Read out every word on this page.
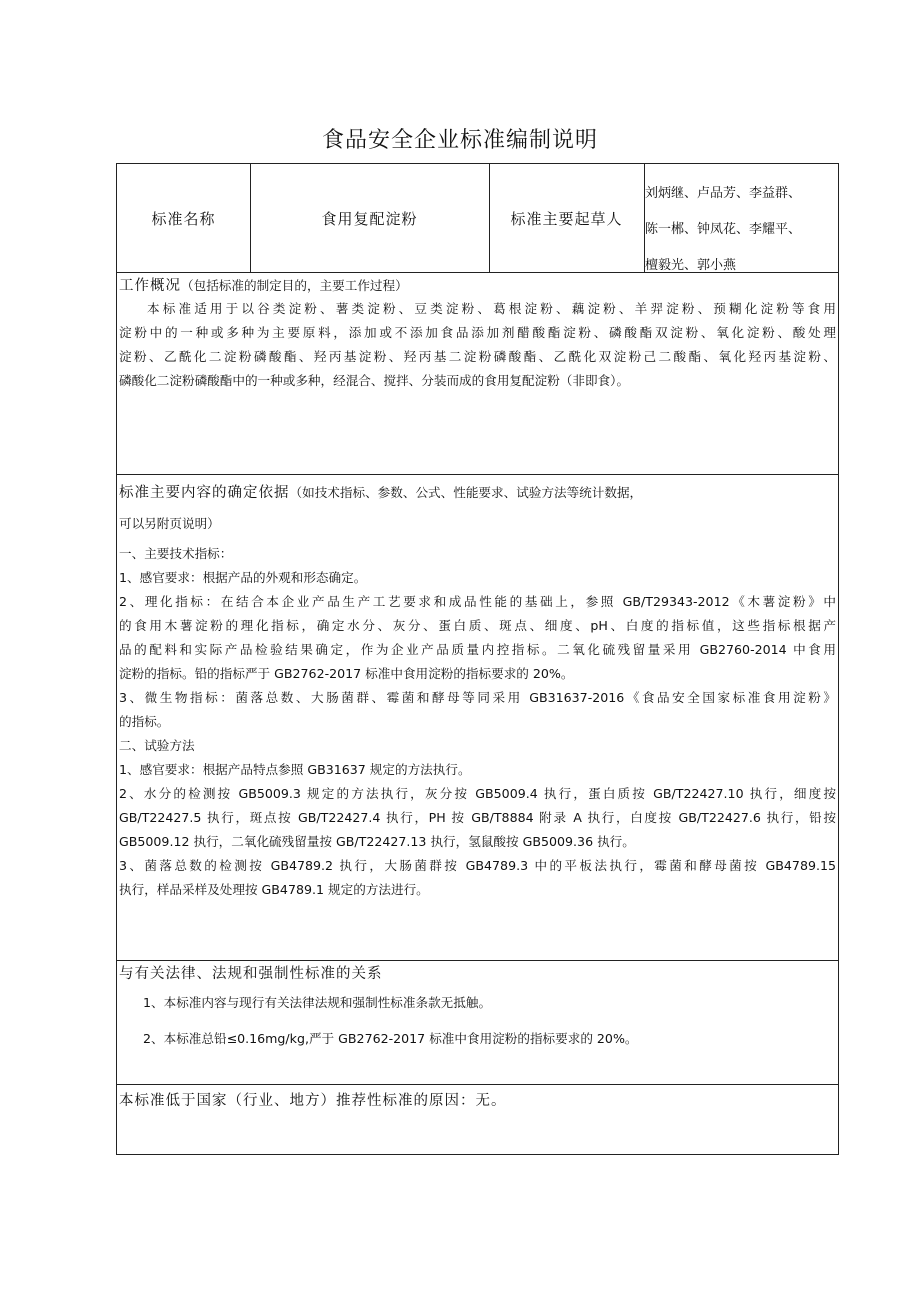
食品安全企业标准编制说明
标准名称	食用复配淀粉	标准主要起草人
刘炳继、卢品芳、李益群、
陈一郴、钟凤花、李耀平、
檀毅光、郭小燕
工作概况（包括标准的制定目的，主要工作过程）
本标准适用于以谷类淀粉、薯类淀粉、豆类淀粉、葛根淀粉、藕淀粉、羊羿淀粉、预糊化淀粉等食用
淀粉中的一种或多种为主要原料，添加或不添加食品添加剂醋酸酯淀粉、磷酸酯双淀粉、氧化淀粉、酸处理
淀粉、乙酰化二淀粉磷酸酯、羟丙基淀粉、羟丙基二淀粉磷酸酯、乙酰化双淀粉己二酸酯、氧化羟丙基淀粉、
磷酸化二淀粉磷酸酯中的一种或多种，经混合、搅拌、分装而成的食用复配淀粉（非即食）。
标准主要内容的确定依据（如技术指标、参数、公式、性能要求、试验方法等统计数据，
可以另附页说明）
一、主要技术指标：
1、感官要求：根据产品的外观和形态确定。
2、理化指标：在结合本企业产品生产工艺要求和成品性能的基础上，参照 GB/T29343-2012《木薯淀粉》中
的食用木薯淀粉的理化指标，确定水分、灰分、蛋白质、斑点、细度、pH、白度的指标值，这些指标根据产
品的配料和实际产品检验结果确定，作为企业产品质量内控指标。二氧化硫残留量采用 GB2760-2014 中食用
淀粉的指标。铅的指标严于 GB2762-2017 标准中食用淀粉的指标要求的 20%。
3、微生物指标：菌落总数、大肠菌群、霉菌和酵母等同采用 GB31637-2016《食品安全国家标准食用淀粉》
的指标。
二、试验方法
1、感官要求：根据产品特点参照 GB31637 规定的方法执行。
2、水分的检测按 GB5009.3 规定的方法执行，灰分按 GB5009.4 执行，蛋白质按 GB/T22427.10 执行，细度按
GB/T22427.5 执行，斑点按 GB/T22427.4 执行，PH 按 GB/T8884 附录 A 执行，白度按 GB/T22427.6 执行，铅按
GB5009.12 执行，二氧化硫残留量按 GB/T22427.13 执行，氢鼠酸按 GB5009.36 执行。
3、菌落总数的检测按 GB4789.2 执行，大肠菌群按 GB4789.3 中的平板法执行，霉菌和酵母菌按 GB4789.15
执行，样品采样及处理按 GB4789.1 规定的方法进行。
与有关法律、法规和强制性标准的关系
1、本标准内容与现行有关法律法规和强制性标准条款无抵触。
2、本标准总铅≤0.16mg/kg,严于 GB2762-2017 标准中食用淀粉的指标要求的 20%。
本标准低于国家（行业、地方）推荐性标准的原因：无。
